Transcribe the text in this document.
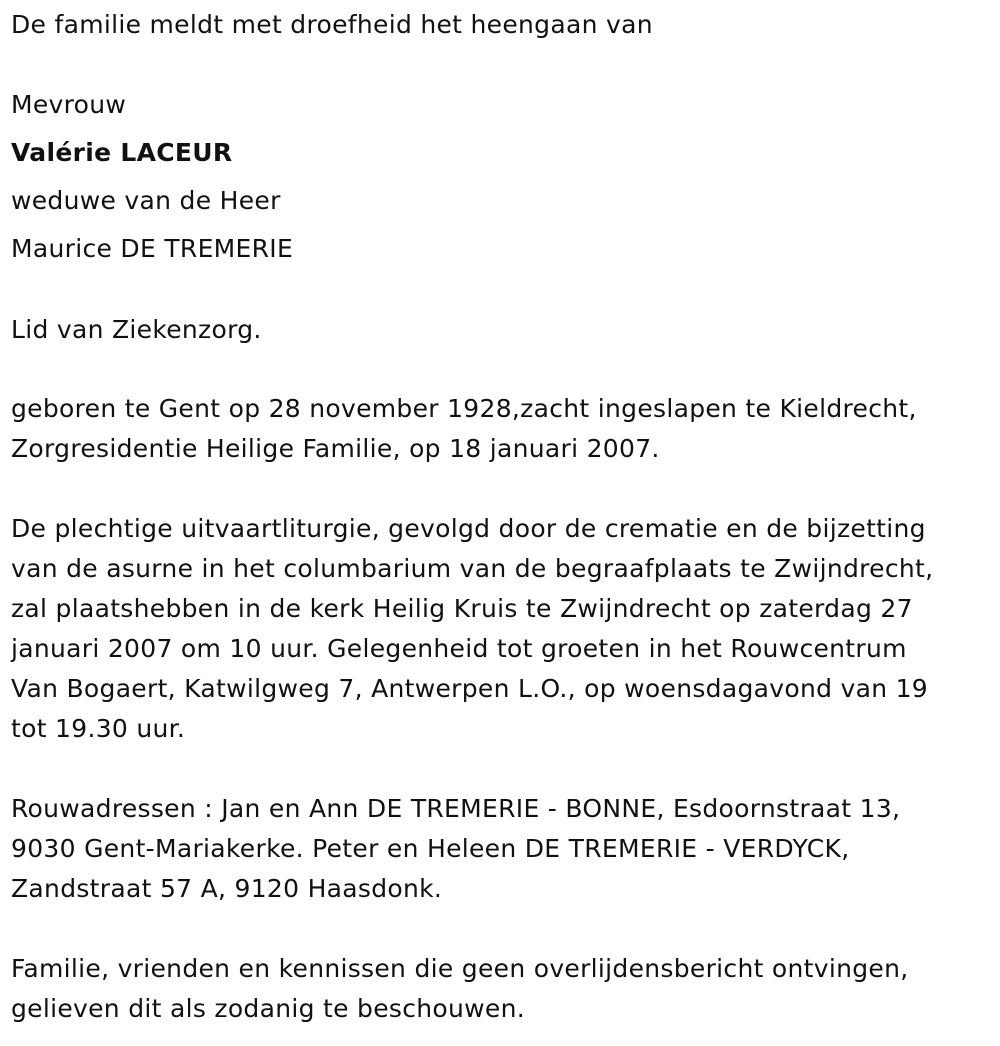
De familie meldt met droefheid het heengaan van
Mevrouw
Valérie LACEUR
weduwe van de Heer
Maurice DE TREMERIE
Lid van Ziekenzorg.
geboren te Gent op 28 november 1928,zacht ingeslapen te Kieldrecht,
Zorgresidentie Heilige Familie, op 18 januari 2007.
De plechtige uitvaartliturgie, gevolgd door de crematie en de bijzetting
van de asurne in het columbarium van de begraafplaats te Zwijndrecht,
zal plaatshebben in de kerk Heilig Kruis te Zwijndrecht op zaterdag 27
januari 2007 om 10 uur. Gelegenheid tot groeten in het Rouwcentrum
Van Bogaert, Katwilgweg 7, Antwerpen L.O., op woensdagavond van 19
tot 19.30 uur.
Rouwadressen : Jan en Ann DE TREMERIE - BONNE, Esdoornstraat 13,
9030 Gent-Mariakerke. Peter en Heleen DE TREMERIE - VERDYCK,
Zandstraat 57 A, 9120 Haasdonk.
Familie, vrienden en kennissen die geen overlijdensbericht ontvingen,
gelieven dit als zodanig te beschouwen.
